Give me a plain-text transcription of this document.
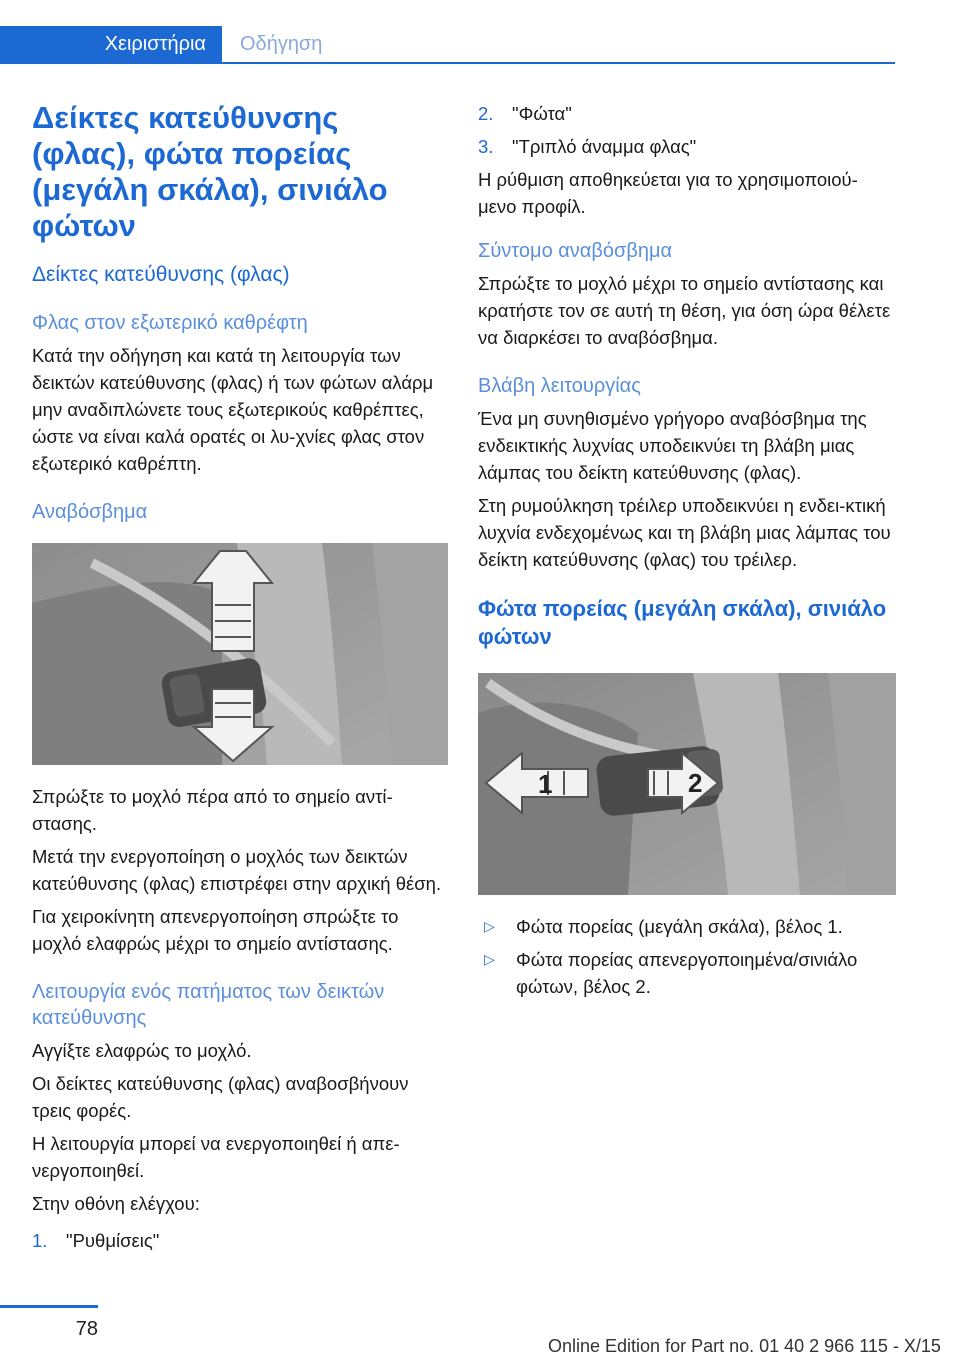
Χειριστήρια Οδήγηση
Δείκτες κατεύθυνσης (φλας), φώτα πορείας (μεγάλη σκάλα), σινιάλο φώτων
Δείκτες κατεύθυνσης (φλας)
Φλας στον εξωτερικό καθρέφτη

Κατά την οδήγηση και κατά τη λειτουργία των δεικτών κατεύθυνσης (φλας) ή των φώτων αλάρμ μην αναδιπλώνετε τους εξωτερικούς καθρέπτες, ώστε να είναι καλά ορατές οι λυ‐χνίες φλας στον εξωτερικό καθρέπτη.

Αναβόσβημα

Σπρώξτε το μοχλό πέρα από το σημείο αντί‐στασης.

Μετά την ενεργοποίηση ο μοχλός των δεικτών κατεύθυνσης (φλας) επιστρέφει στην αρχική θέση.

Για χειροκίνητη απενεργοποίηση σπρώξτε το μοχλό ελαφρώς μέχρι το σημείο αντίστασης.

Λειτουργία ενός πατήματος των δεικτών κατεύθυνσης

Αγγίξτε ελαφρώς το μοχλό.

Οι δείκτες κατεύθυνσης (φλας) αναβοσβήνουν τρεις φορές.

Η λειτουργία μπορεί να ενεργοποιηθεί ή απε‐νεργοποιηθεί.

Στην οθόνη ελέγχου:

1. "Ρυθμίσεις"
2. "Φώτα"
3. "Τριπλό άναμμα φλας"

Η ρύθμιση αποθηκεύεται για το χρησιμοποιού‐μενο προφίλ.

Σύντομο αναβόσβημα

Σπρώξτε το μοχλό μέχρι το σημείο αντίστασης και κρατήστε τον σε αυτή τη θέση, για όση ώρα θέλετε να διαρκέσει το αναβόσβημα.

Βλάβη λειτουργίας

Ένα μη συνηθισμένο γρήγορο αναβόσβημα της ενδεικτικής λυχνίας υποδεικνύει τη βλάβη μιας λάμπας του δείκτη κατεύθυνσης (φλας).

Στη ρυμούλκηση τρέιλερ υποδεικνύει η ενδει‐κτική λυχνία ενδεχομένως και τη βλάβη μιας λάμπας του δείκτη κατεύθυνσης (φλας) του τρέιλερ.

Φώτα πορείας (μεγάλη σκάλα), σινιάλο φώτων
1	2
▷ Φώτα πορείας (μεγάλη σκάλα), βέλος 1.
▷ Φώτα πορείας απενεργοποιημένα/σινιάλο φώτων, βέλος 2.
78
Online Edition for Part no. 01 40 2 966 115 - X/15
